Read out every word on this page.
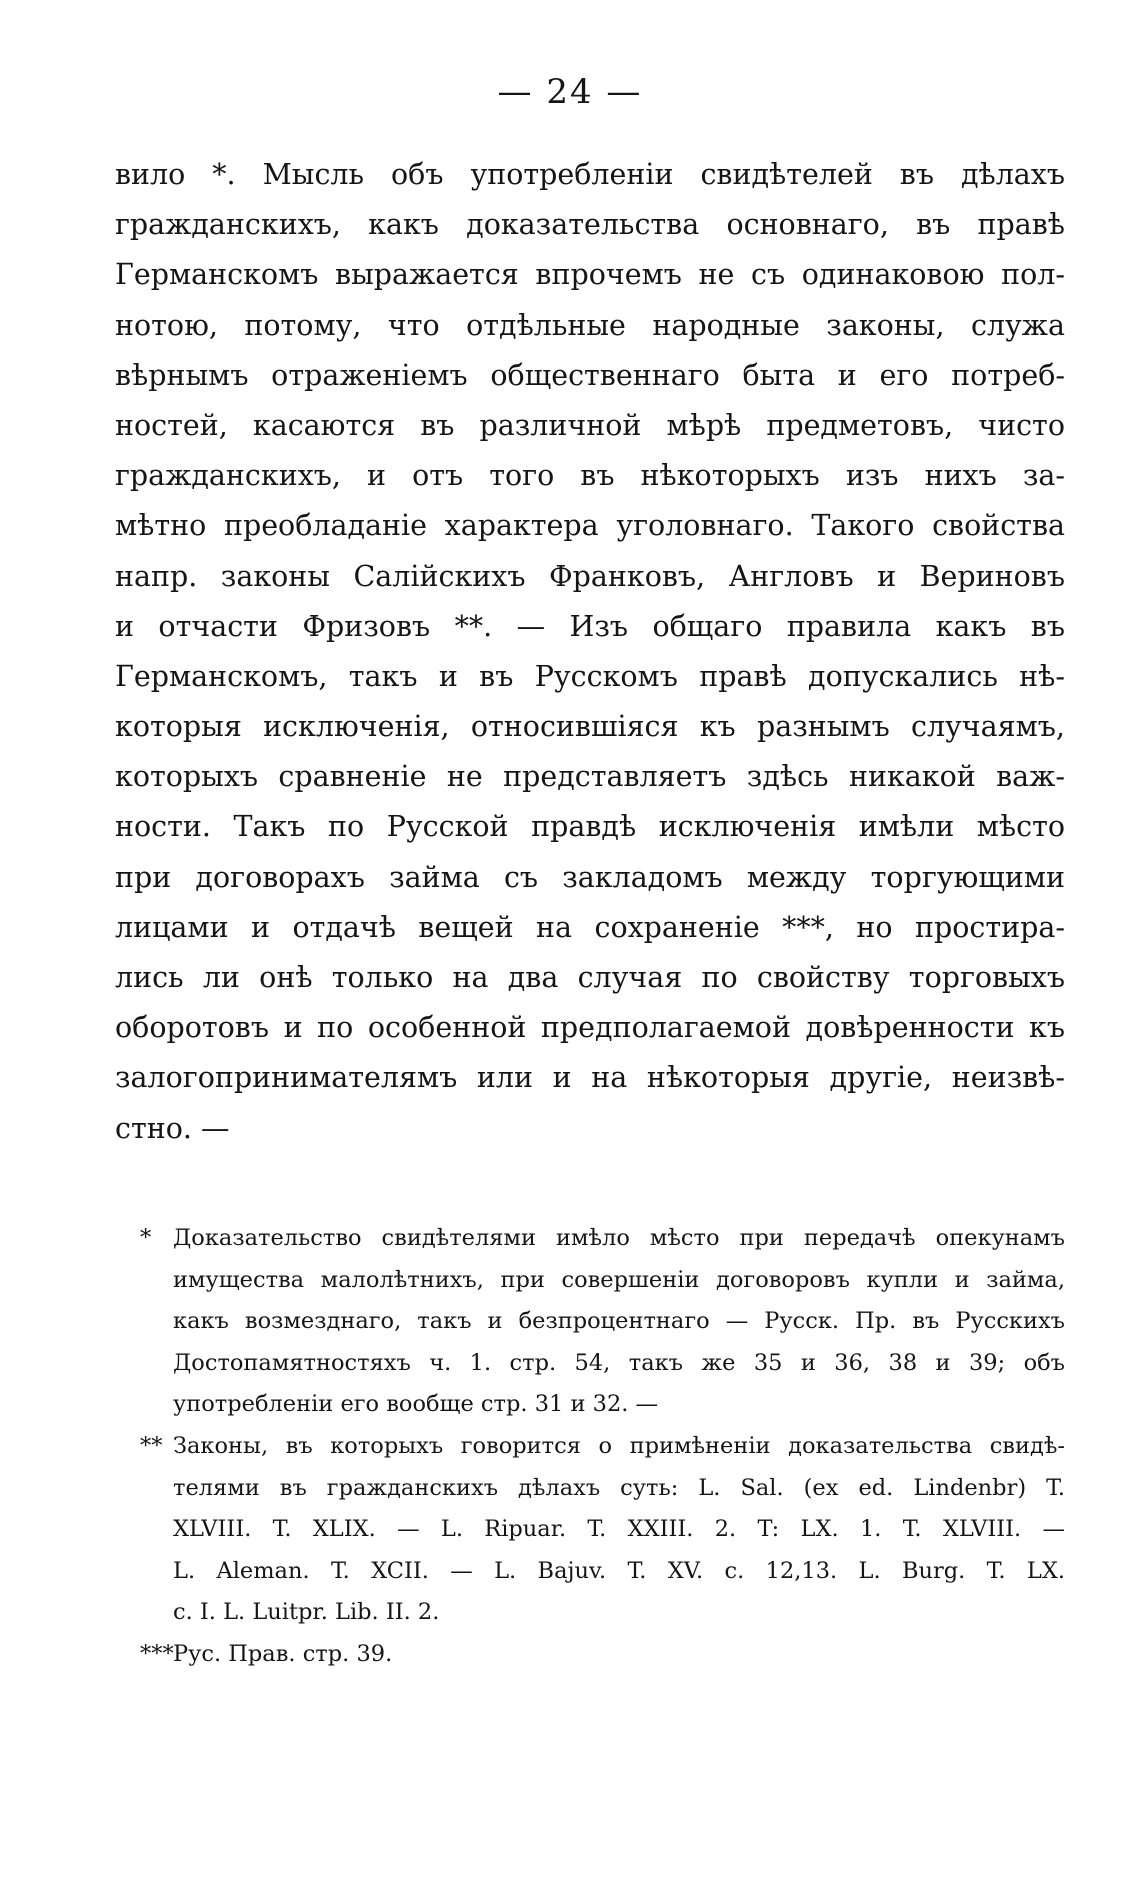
— 24 —
вило *. Мысль объ употребленіи свидѣтелей въ дѣлахъ
гражданскихъ, какъ доказательства основнаго, въ правѣ
Германскомъ выражается впрочемъ не съ одинаковою пол-
нотою, потому, что отдѣльные народные законы, служа
вѣрнымъ отраженіемъ общественнаго быта и его потреб-
ностей, касаются въ различной мѣрѣ предметовъ, чисто
гражданскихъ, и отъ того въ нѣкоторыхъ изъ нихъ за-
мѣтно преобладаніе характера уголовнаго. Такого свойства
напр. законы Салійскихъ Франковъ, Англовъ и Вериновъ
и отчасти Фризовъ **. — Изъ общаго правила какъ въ
Германскомъ, такъ и въ Русскомъ правѣ допускались нѣ-
которыя исключенія, относившіяся къ разнымъ случаямъ,
которыхъ сравненіе не представляетъ здѣсь никакой важ-
ности. Такъ по Русской правдѣ исключенія имѣли мѣсто
при договорахъ займа съ закладомъ между торгующими
лицами и отдачѣ вещей на сохраненіе ***, но простира-
лись ли онѣ только на два случая по свойству торговыхъ
оборотовъ и по особенной предполагаемой довѣренности къ
залогопринимателямъ или и на нѣкоторыя другіе, неизвѣ-
стно. —
* Доказательство свидѣтелями имѣло мѣсто при передачѣ опекунамъ
имущества малолѣтнихъ, при совершеніи договоровъ купли и займа,
какъ возмезднаго, такъ и безпроцентнаго — Русск. Пр. въ Русскихъ
Достопамятностяхъ ч. 1. стр. 54, такъ же 35 и 36, 38 и 39; объ
употребленіи его вообще стр. 31 и 32. —
** Законы, въ которыхъ говорится о примѣненіи доказательства свидѣ-
телями въ гражданскихъ дѣлахъ суть: L. Sal. (ex ed. Lindenbr) T.
XLVIII. T. XLIX. — L. Ripuar. T. XXIII. 2. T: LX. 1. T. XLVIII. —
L. Aleman. T. XCII. — L. Bajuv. T. XV. c. 12,13. L. Burg. T. LX.
c. I. L. Luitpr. Lib. II. 2.
***Рус. Прав. стр. 39.
